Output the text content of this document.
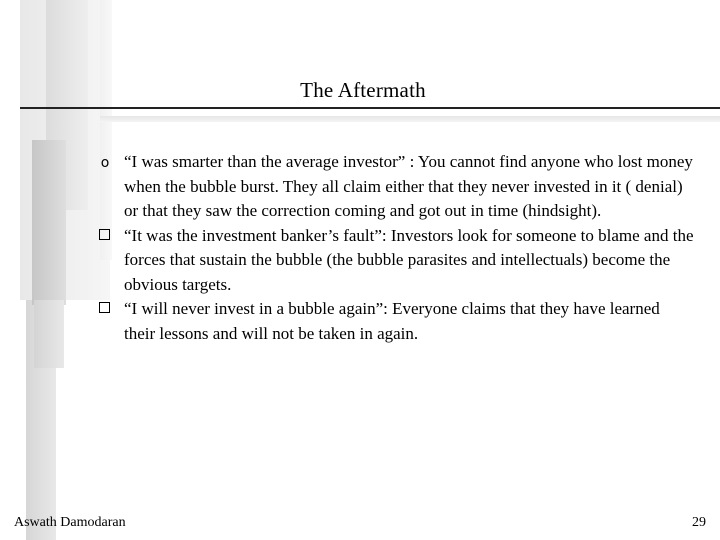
The Aftermath
o “I was smarter than the average investor” : You cannot find anyone who lost money when the bubble burst. They all claim either that they never invested in it ( denial) or that they saw the correction coming and got out in time (hindsight).
“It was the investment banker’s fault”: Investors look for someone to blame and the forces that sustain the bubble (the bubble parasites and intellectuals) become the obvious targets.
“I will never invest in a bubble again”: Everyone claims that they have learned their lessons and will not be taken in again.
Aswath Damodaran	29
